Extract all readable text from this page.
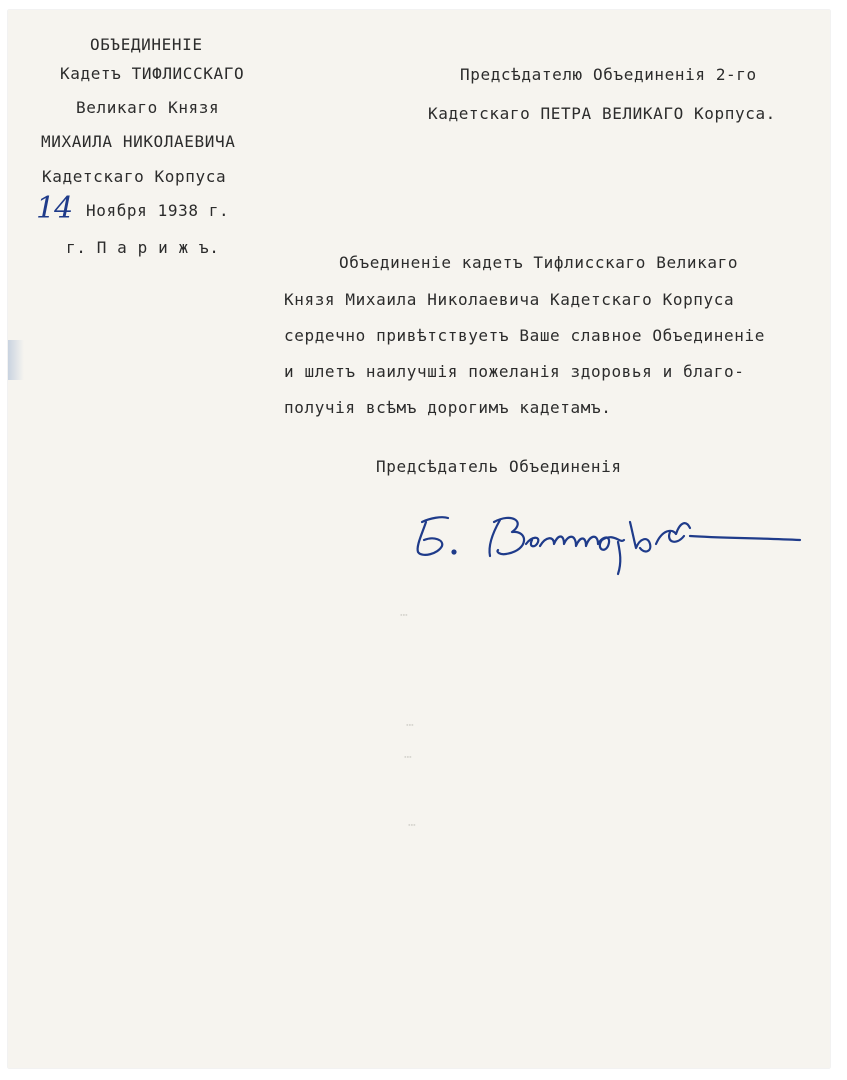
ОБЪЕДИНЕНIЕ
Кадетъ ТИФЛИССКАГО
Великаго Князя
МИХАИЛА НИКОЛАЕВИЧА
Кадетскаго Корпуса
14 Ноября 1938 г.
г. П а р и ж ъ.
Предсѣдателю Объединенiя 2-го
Кадетскаго ПЕТРА ВЕЛИКАГО Корпуса.
Объединенiе кадетъ Тифлисскаго Великаго
Князя Михаила Николаевича Кадетскаго Корпуса
сердечно привѣтствуетъ Ваше славное Объединенiе
и шлетъ наилучшiя пожеланiя здоровья и благо-
получiя всѣмъ дорогимъ кадетамъ.
Предсѣдатель Объединенiя
⋯
⋯
⋯
⋯
